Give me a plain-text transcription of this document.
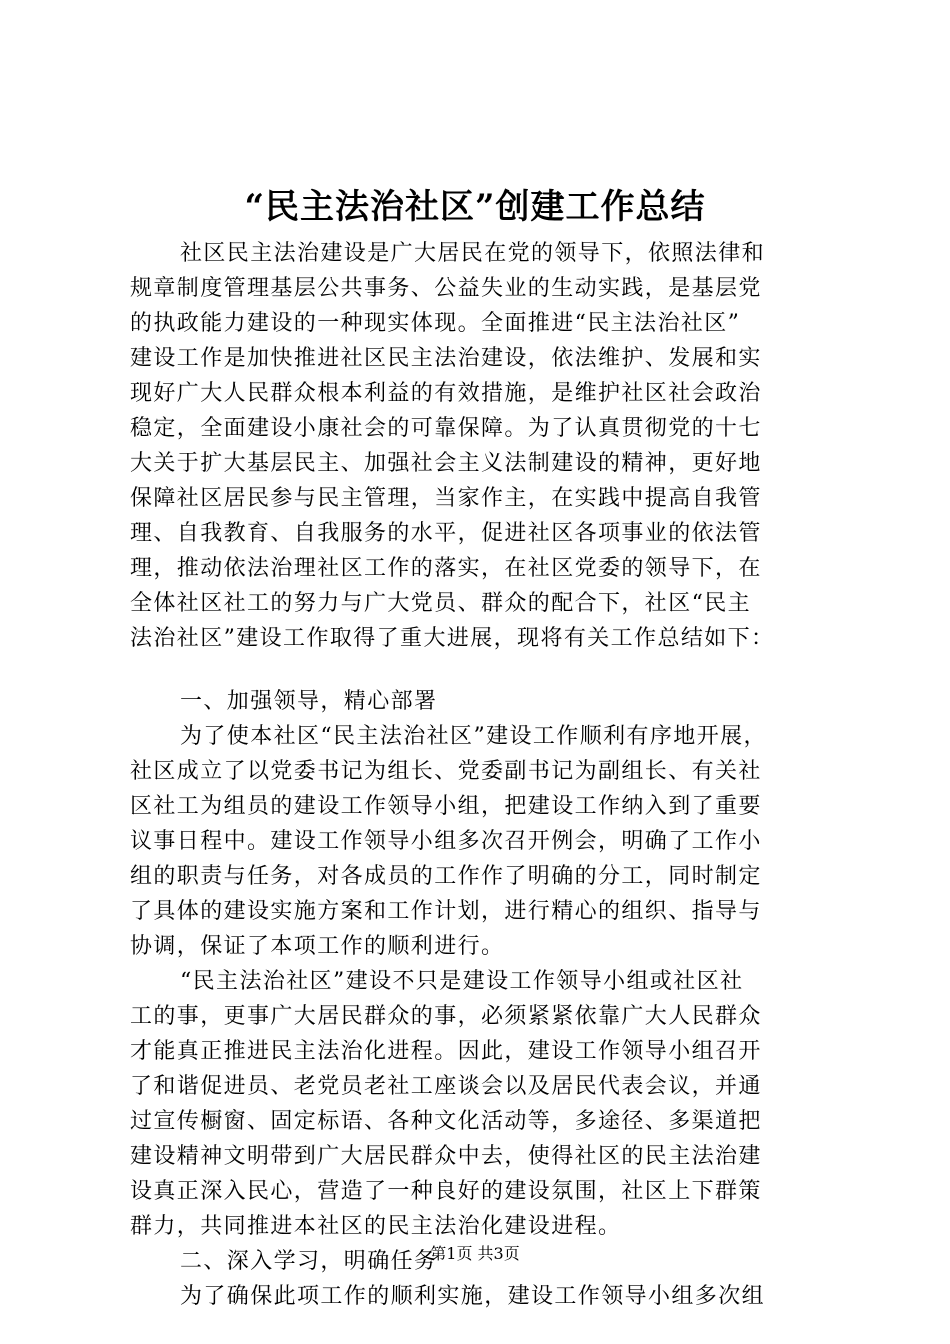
“民主法治社区”创建工作总结
社区民主法治建设是广大居民在党的领导下，依照法律和
规章制度管理基层公共事务、公益失业的生动实践，是基层党
的执政能力建设的一种现实体现。全面推进“民主法治社区”
建设工作是加快推进社区民主法治建设，依法维护、发展和实
现好广大人民群众根本利益的有效措施，是维护社区社会政治
稳定，全面建设小康社会的可靠保障。为了认真贯彻党的十七
大关于扩大基层民主、加强社会主义法制建设的精神，更好地
保障社区居民参与民主管理，当家作主，在实践中提高自我管
理、自我教育、自我服务的水平，促进社区各项事业的依法管
理，推动依法治理社区工作的落实，在社区党委的领导下，在
全体社区社工的努力与广大党员、群众的配合下，社区“民主
法治社区”建设工作取得了重大进展，现将有关工作总结如下：
一、加强领导，精心部署
为了使本社区“民主法治社区”建设工作顺利有序地开展，
社区成立了以党委书记为组长、党委副书记为副组长、有关社
区社工为组员的建设工作领导小组，把建设工作纳入到了重要
议事日程中。建设工作领导小组多次召开例会，明确了工作小
组的职责与任务，对各成员的工作作了明确的分工，同时制定
了具体的建设实施方案和工作计划，进行精心的组织、指导与
协调，保证了本项工作的顺利进行。
“民主法治社区”建设不只是建设工作领导小组或社区社
工的事，更事广大居民群众的事，必须紧紧依靠广大人民群众
才能真正推进民主法治化进程。因此，建设工作领导小组召开
了和谐促进员、老党员老社工座谈会以及居民代表会议，并通
过宣传橱窗、固定标语、各种文化活动等，多途径、多渠道把
建设精神文明带到广大居民群众中去，使得社区的民主法治建
设真正深入民心，营造了一种良好的建设氛围，社区上下群策
群力，共同推进本社区的民主法治化建设进程。
二、深入学习，明确任务
为了确保此项工作的顺利实施，建设工作领导小组多次组
第1页 共3页
